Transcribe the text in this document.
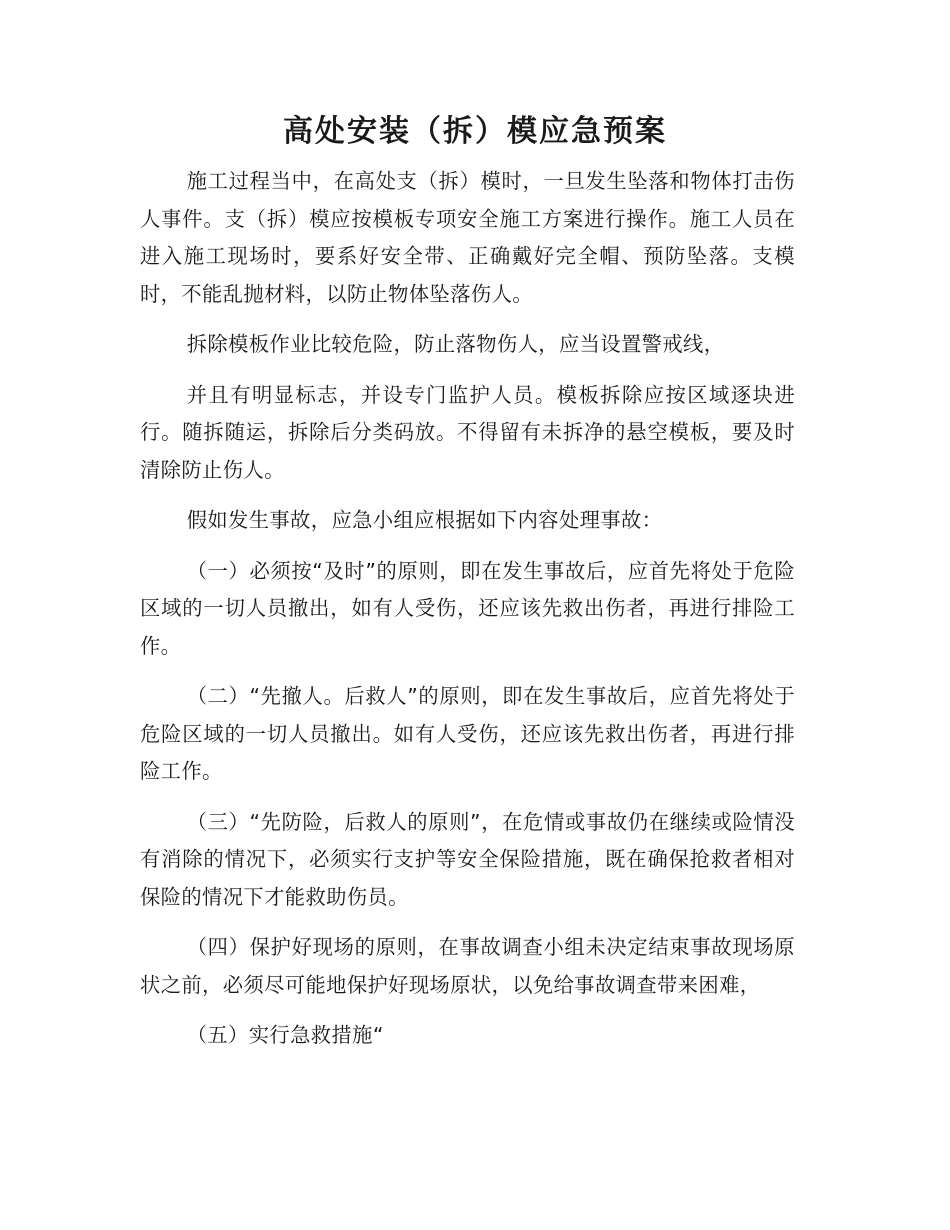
高处安装（拆）模应急预案

施工过程当中，在高处支（拆）模时，一旦发生坠落和物体打击伤人事件。支（拆）模应按模板专项安全施工方案进行操作。施工人员在进入施工现场时，要系好安全带、正确戴好完全帽、预防坠落。支模时，不能乱抛材料，以防止物体坠落伤人。

拆除模板作业比较危险，防止落物伤人，应当设置警戒线，

并且有明显标志，并设专门监护人员。模板拆除应按区域逐块进行。随拆随运，拆除后分类码放。不得留有未拆净的悬空模板，要及时清除防止伤人。

假如发生事故，应急小组应根据如下内容处理事故：

（一）必须按“及时”的原则，即在发生事故后，应首先将处于危险区域的一切人员撤出，如有人受伤，还应该先救出伤者，再进行排险工作。

（二）“先撤人。后救人”的原则，即在发生事故后，应首先将处于危险区域的一切人员撤出。如有人受伤，还应该先救出伤者，再进行排险工作。

（三）“先防险，后救人的原则”，在危情或事故仍在继续或险情没有消除的情况下，必须实行支护等安全保险措施，既在确保抢救者相对保险的情况下才能救助伤员。

（四）保护好现场的原则，在事故调查小组未决定结束事故现场原状之前，必须尽可能地保护好现场原状，以免给事故调查带来困难，

（五）实行急救措施“
